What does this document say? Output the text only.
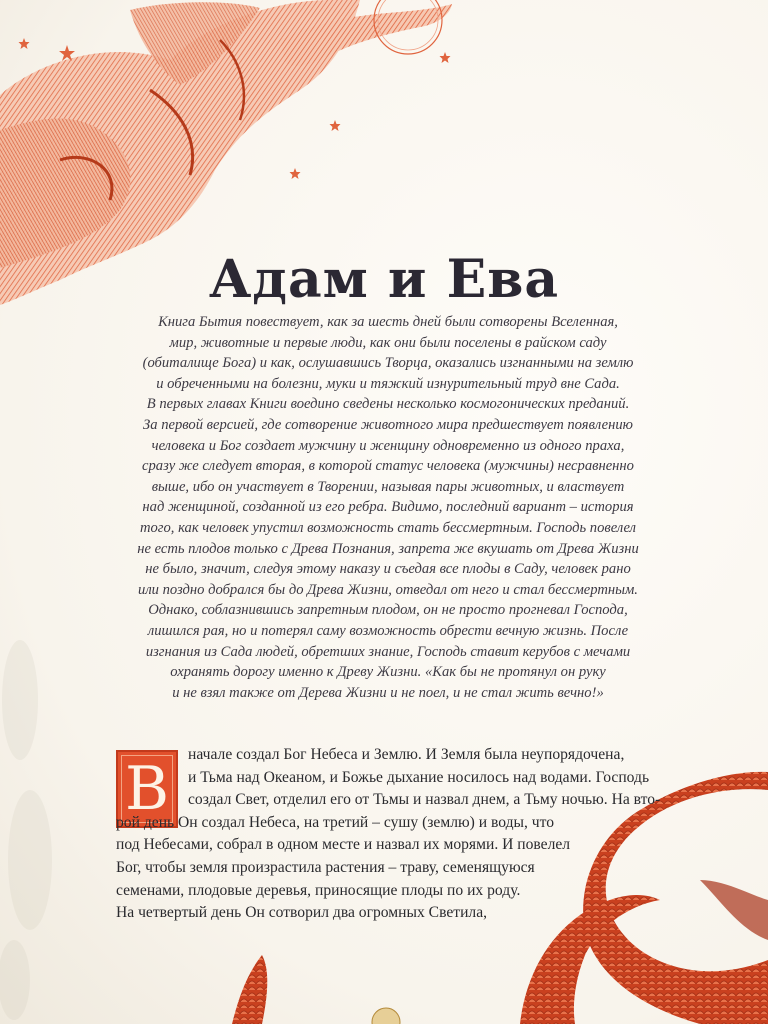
Адам и Ева

Книга Бытия повествует, как за шесть дней были сотворены Вселенная,
мир, животные и первые люди, как они были поселены в райском саду
(обиталище Бога) и как, ослушавшись Творца, оказались изгнанными на землю
и обреченными на болезни, муки и тяжкий изнурительный труд вне Сада.
В первых главах Книги воедино сведены несколько космогонических преданий.
За первой версией, где сотворение животного мира предшествует появлению
человека и Бог создает мужчину и женщину одновременно из одного праха,
сразу же следует вторая, в которой статус человека (мужчины) несравненно
выше, ибо он участвует в Творении, называя пары животных, и властвует
над женщиной, созданной из его ребра. Видимо, последний вариант – история
того, как человек упустил возможность стать бессмертным. Господь повелел
не есть плодов только с Древа Познания, запрета же вкушать от Древа Жизни
не было, значит, следуя этому наказу и съедая все плоды в Саду, человек рано
или поздно добрался бы до Древа Жизни, отведал от него и стал бессмертным.
Однако, соблазнившись запретным плодом, он не просто прогневал Господа,
лишился рая, но и потерял саму возможность обрести вечную жизнь. После
изгнания из Сада людей, обретших знание, Господь ставит керубов с мечами
охранять дорогу именно к Древу Жизни. «Как бы не протянул он руку
и не взял также от Дерева Жизни и не поел, и не стал жить вечно!»

В	начале создал Бог Небеса и Землю. И Земля была неупорядочена,
и Тьма над Океаном, и Божье дыхание носилось над водами. Господь
создал Свет, отделил его от Тьмы и назвал днем, а Тьму ночью. На вто-
рой день Он создал Небеса, на третий – сушу (землю) и воды, что
под Небесами, собрал в одном месте и назвал их морями. И повелел
Бог, чтобы земля произрастила растения – траву, семенящуюся
семенами, плодовые деревья, приносящие плоды по их роду.
На четвертый день Он сотворил два огромных Светила,
